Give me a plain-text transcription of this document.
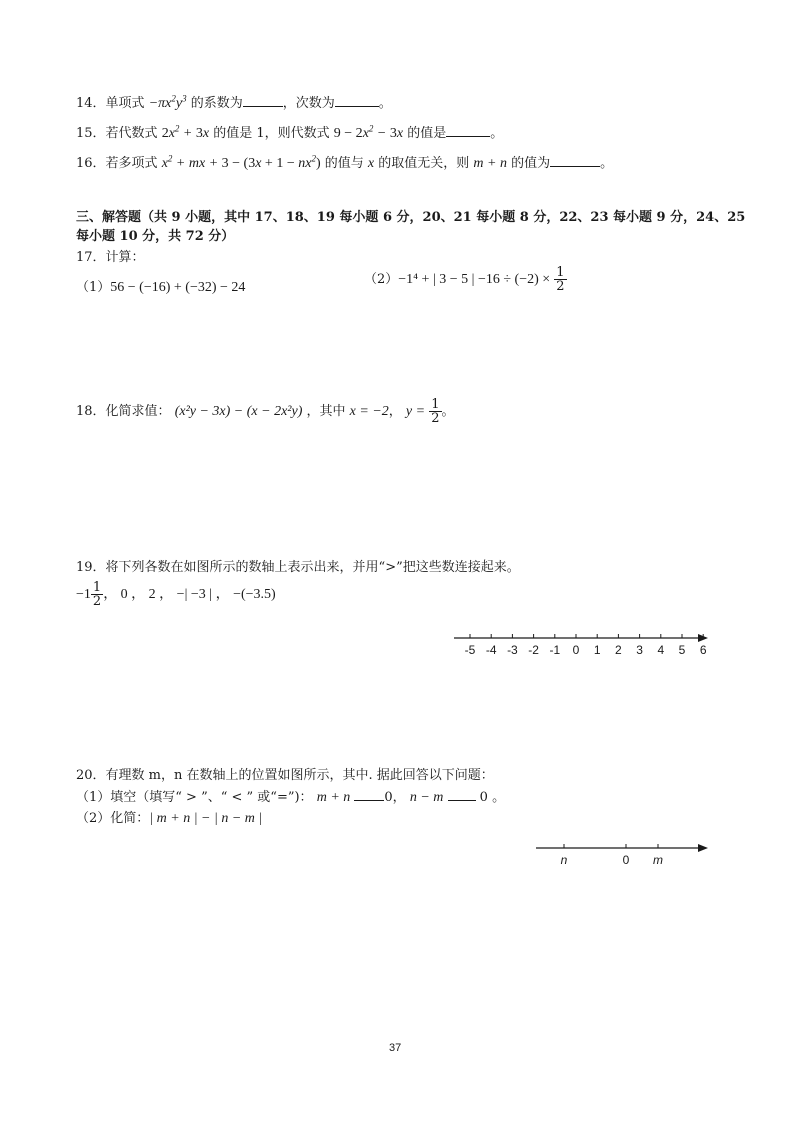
14．单项式 $-\pi x^2y^3$ 的系数为	，次数为	。
15．若代数式 $2x^2 + 3x$ 的值是 1，则代数式 $9 - 2x^2 - 3x$ 的值是	。
16．若多项式 $x^2$ + mx + $3 - (3x + 1 - nx^2)$ 的值与 x 的取值无关，则 m + n 的值为	。
三、解答题（共 9 小题，其中 17、18、19 每小题 6 分，20、21 每小题 8 分，22、23 每小题 9 分，24、25
每小题 10 分，共 72 分）
17．计算：
（1）56 − (−16) + (−32) − 24
（2）−1⁴ + | 3 − 5 | $-16 \div (-2) \times \frac{1}{2}$
18．化简求值： (x²y − 3x) − (x − 2x²y) ，其中 x = −2， $y = \frac{1}{2}$ 。
19．将下列各数在如图所示的数轴上表示出来，并用“>”把这些数连接起来。
$-1 \frac{1}{2}$ ， 0 ， 2 ， −| −3 | ， −(−3.5)
-5 -4 -3 -2 -1 0 1 2 3 4 5 6
20．有理数 m，n 在数轴上的位置如图所示，其中. 据此回答以下问题：
（1）填空（填写“ > ”、“ < ” 或“=”)： m + n	0， n − m	0 。
（2）化简：| m + n | − | n − m |
n	0 m
37
